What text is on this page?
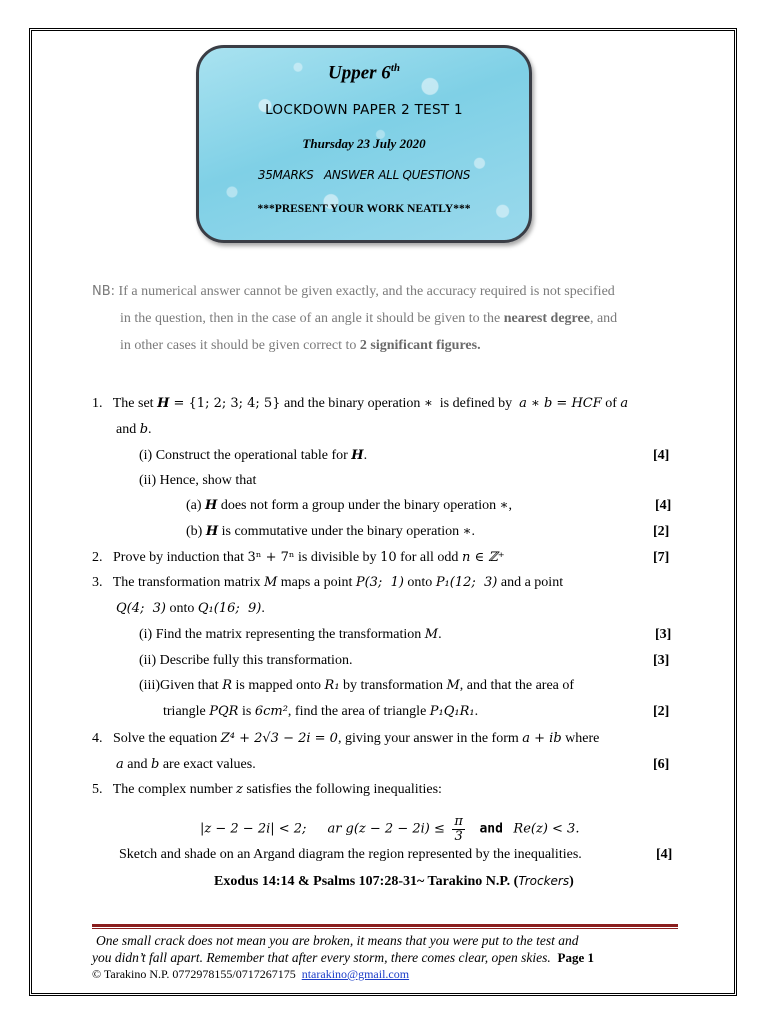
Upper 6th
LOCKDOWN PAPER 2 TEST 1
Thursday 23 July 2020
35MARKS   ANSWER ALL QUESTIONS
***PRESENT YOUR WORK NEATLY***

NB: If a numerical answer cannot be given exactly, and the accuracy required is not specified

in the question, then in the case of an angle it should be given to the nearest degree, and

in other cases it should be given correct to 2 significant figures.

1. The set H = {1; 2; 3; 4; 5} and the binary operation ∗  is defined by  a ∗ b = HCF of a
and b.
(i) Construct the operational table for H.	[4]
(ii) Hence, show that
(a) H does not form a group under the binary operation ∗,	[4]
(b) H is commutative under the binary operation ∗.	[2]
2. Prove by induction that 3ⁿ + 7ⁿ is divisible by 10 for all odd n ∈ ℤ⁺	[7]
3. The transformation matrix M maps a point P(3;  1) onto P₁(12;  3) and a point
Q(4;  3) onto Q₁(16;  9).
(i) Find the matrix representing the transformation M.	[3]
(ii) Describe fully this transformation.	[3]
(iii)Given that R is mapped onto R₁ by transformation M, and that the area of
triangle PQR is 6cm², find the area of triangle P₁Q₁R₁.	[2]
4. Solve the equation Z⁴ + 2√3 − 2i = 0, giving your answer in the form a + ib where
a and b are exact values.	[6]
5. The complex number z satisfies the following inequalities:
|z − 2 − 2i| < 2; ar $g(z - 2 - 2i) \le \frac{\pi}{3}$ and Re(z) < 3.
Sketch and shade on an Argand diagram the region represented by the inequalities.	[4]
Exodus 14:14 & Psalms 107:28-31~ Tarakino N.P. (Trockers)
One small crack does not mean you are broken, it means that you were put to the test and
you didn’t fall apart. Remember that after every storm, there comes clear, open skies. Page 1
© Tarakino N.P. 0772978155/0717267175  ntarakino@gmail.com
